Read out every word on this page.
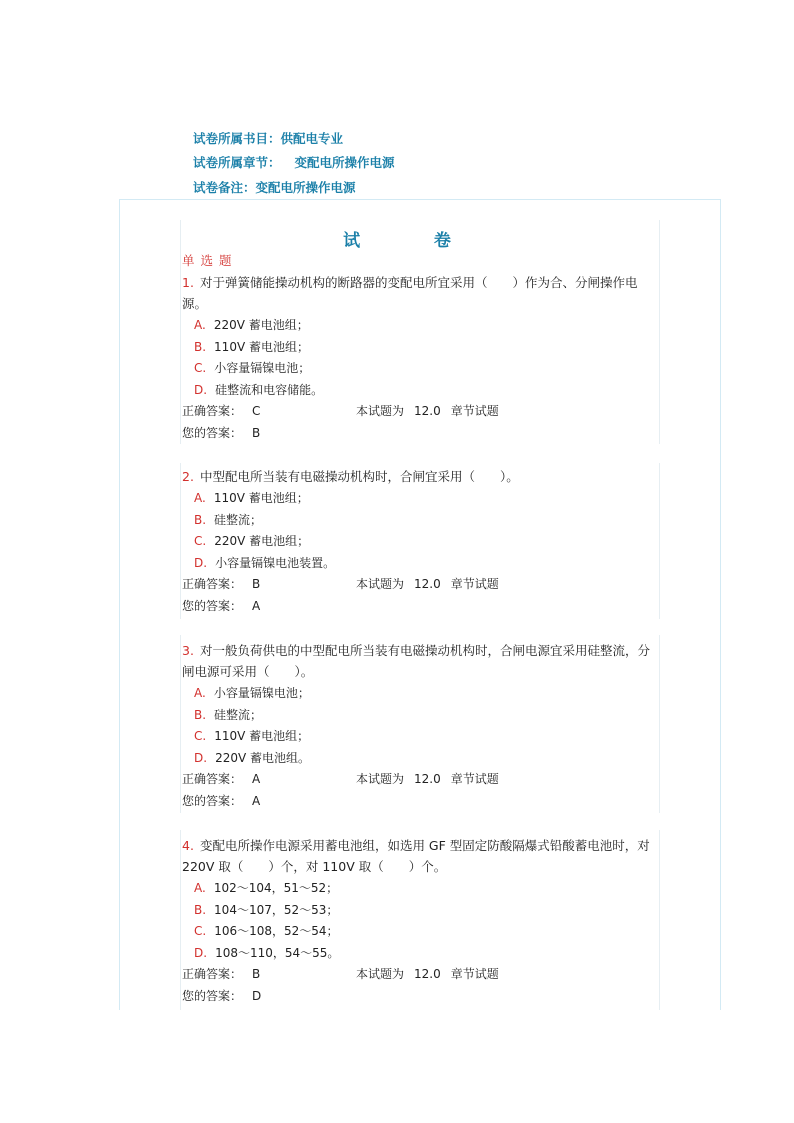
试卷所属书目：供配电专业
试卷所属章节： 变配电所操作电源
试卷备注：变配电所操作电源
试	卷
单选题
1. 对于弹簧储能操动机构的断路器的变配电所宜采用（　　）作为合、分闸操作电源。
A. 220V 蓄电池组；
B. 110V 蓄电池组；
C. 小容量镉镍电池；
D. 硅整流和电容储能。
正确答案： C	本试题为 12.0 章节试题
您的答案： B
2. 中型配电所当装有电磁操动机构时，合闸宜采用（　　）。
A. 110V 蓄电池组；
B. 硅整流；
C. 220V 蓄电池组；
D. 小容量镉镍电池装置。
正确答案： B	本试题为 12.0 章节试题
您的答案： A
3. 对一般负荷供电的中型配电所当装有电磁操动机构时，合闸电源宜采用硅整流，分闸电源可采用（　　）。
A. 小容量镉镍电池；
B. 硅整流；
C. 110V 蓄电池组；
D. 220V 蓄电池组。
正确答案： A	本试题为 12.0 章节试题
您的答案： A
4. 变配电所操作电源采用蓄电池组，如选用 GF 型固定防酸隔爆式铅酸蓄电池时，对 220V 取（　　）个，对 110V 取（　　）个。
A. 102～104，51～52；
B. 104～107，52～53；
C. 106～108，52～54；
D. 108～110，54～55。
正确答案： B	本试题为 12.0 章节试题
您的答案： D
